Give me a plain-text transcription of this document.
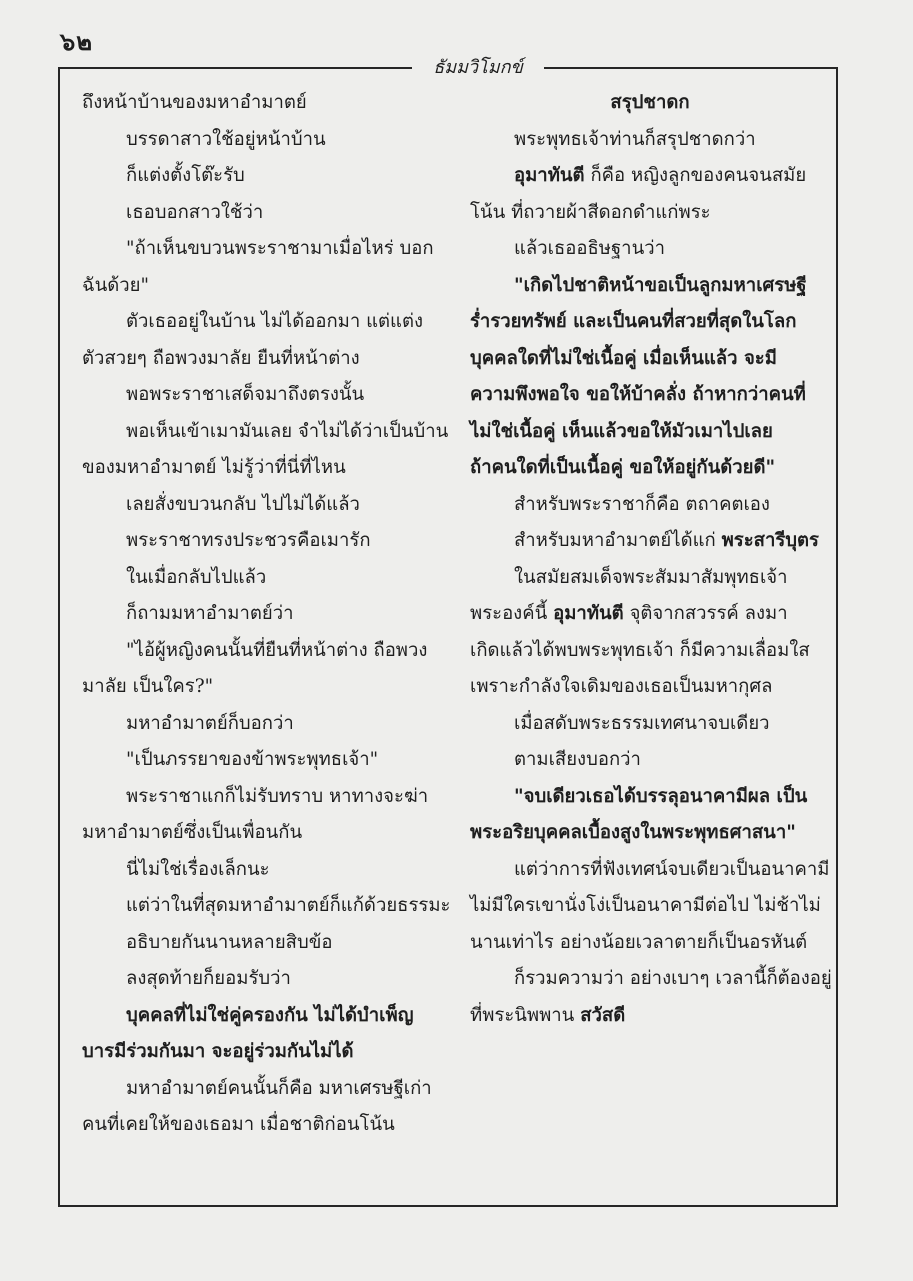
๖๒
ธัมมวิโมกข์
ถึงหน้าบ้านของมหาอำมาตย์
บรรดาสาวใช้อยู่หน้าบ้าน
ก็แต่งตั้งโต๊ะรับ
เธอบอกสาวใช้ว่า
"ถ้าเห็นขบวนพระราชามาเมื่อไหร่ บอก
ฉันด้วย"
ตัวเธออยู่ในบ้าน ไม่ได้ออกมา แต่แต่ง
ตัวสวยๆ ถือพวงมาลัย ยืนที่หน้าต่าง
พอพระราชาเสด็จมาถึงตรงนั้น
พอเห็นเข้าเมามันเลย จำไม่ได้ว่าเป็นบ้าน
ของมหาอำมาตย์ ไม่รู้ว่าที่นี่ที่ไหน
เลยสั่งขบวนกลับ ไปไม่ได้แล้ว
พระราชาทรงประชวรคือเมารัก
ในเมื่อกลับไปแล้ว
ก็ถามมหาอำมาตย์ว่า
"ไอ้ผู้หญิงคนนั้นที่ยืนที่หน้าต่าง ถือพวง
มาลัย เป็นใคร?"
มหาอำมาตย์ก็บอกว่า
"เป็นภรรยาของข้าพระพุทธเจ้า"
พระราชาแกก็ไม่รับทราบ หาทางจะฆ่า
มหาอำมาตย์ซึ่งเป็นเพื่อนกัน
นี่ไม่ใช่เรื่องเล็กนะ
แต่ว่าในที่สุดมหาอำมาตย์ก็แก้ด้วยธรรมะ
อธิบายกันนานหลายสิบข้อ
ลงสุดท้ายก็ยอมรับว่า
บุคคลที่ไม่ใช่คู่ครองกัน ไม่ได้บำเพ็ญ
บารมีร่วมกันมา จะอยู่ร่วมกันไม่ได้
มหาอำมาตย์คนนั้นก็คือ มหาเศรษฐีเก่า
คนที่เคยให้ของเธอมา เมื่อชาติก่อนโน้น
สรุปชาดก
พระพุทธเจ้าท่านก็สรุปชาดกว่า
อุมาทันตี ก็คือ หญิงลูกของคนจนสมัย
โน้น ที่ถวายผ้าสีดอกดำแก่พระ
แล้วเธออธิษฐานว่า
"เกิดไปชาติหน้าขอเป็นลูกมหาเศรษฐี
ร่ำรวยทรัพย์ และเป็นคนที่สวยที่สุดในโลก
บุคคลใดที่ไม่ใช่เนื้อคู่ เมื่อเห็นแล้ว จะมี
ความพึงพอใจ ขอให้บ้าคลั่ง ถ้าหากว่าคนที่
ไม่ใช่เนื้อคู่ เห็นแล้วขอให้มัวเมาไปเลย
ถ้าคนใดที่เป็นเนื้อคู่ ขอให้อยู่กันด้วยดี"
สำหรับพระราชาก็คือ ตถาคตเอง
สำหรับมหาอำมาตย์ได้แก่ พระสารีบุตร
ในสมัยสมเด็จพระสัมมาสัมพุทธเจ้า
พระองค์นี้ อุมาทันตี จุติจากสวรรค์ ลงมา
เกิดแล้วได้พบพระพุทธเจ้า ก็มีความเลื่อมใส
เพราะกำลังใจเดิมของเธอเป็นมหากุศล
เมื่อสดับพระธรรมเทศนาจบเดียว
ตามเสียงบอกว่า
"จบเดียวเธอได้บรรลุอนาคามีผล เป็น
พระอริยบุคคลเบื้องสูงในพระพุทธศาสนา"
แต่ว่าการที่ฟังเทศน์จบเดียวเป็นอนาคามี
ไม่มีใครเขานั่งโง่เป็นอนาคามีต่อไป ไม่ช้าไม่
นานเท่าไร อย่างน้อยเวลาตายก็เป็นอรหันต์
ก็รวมความว่า อย่างเบาๆ เวลานี้ก็ต้องอยู่
ที่พระนิพพาน สวัสดี
